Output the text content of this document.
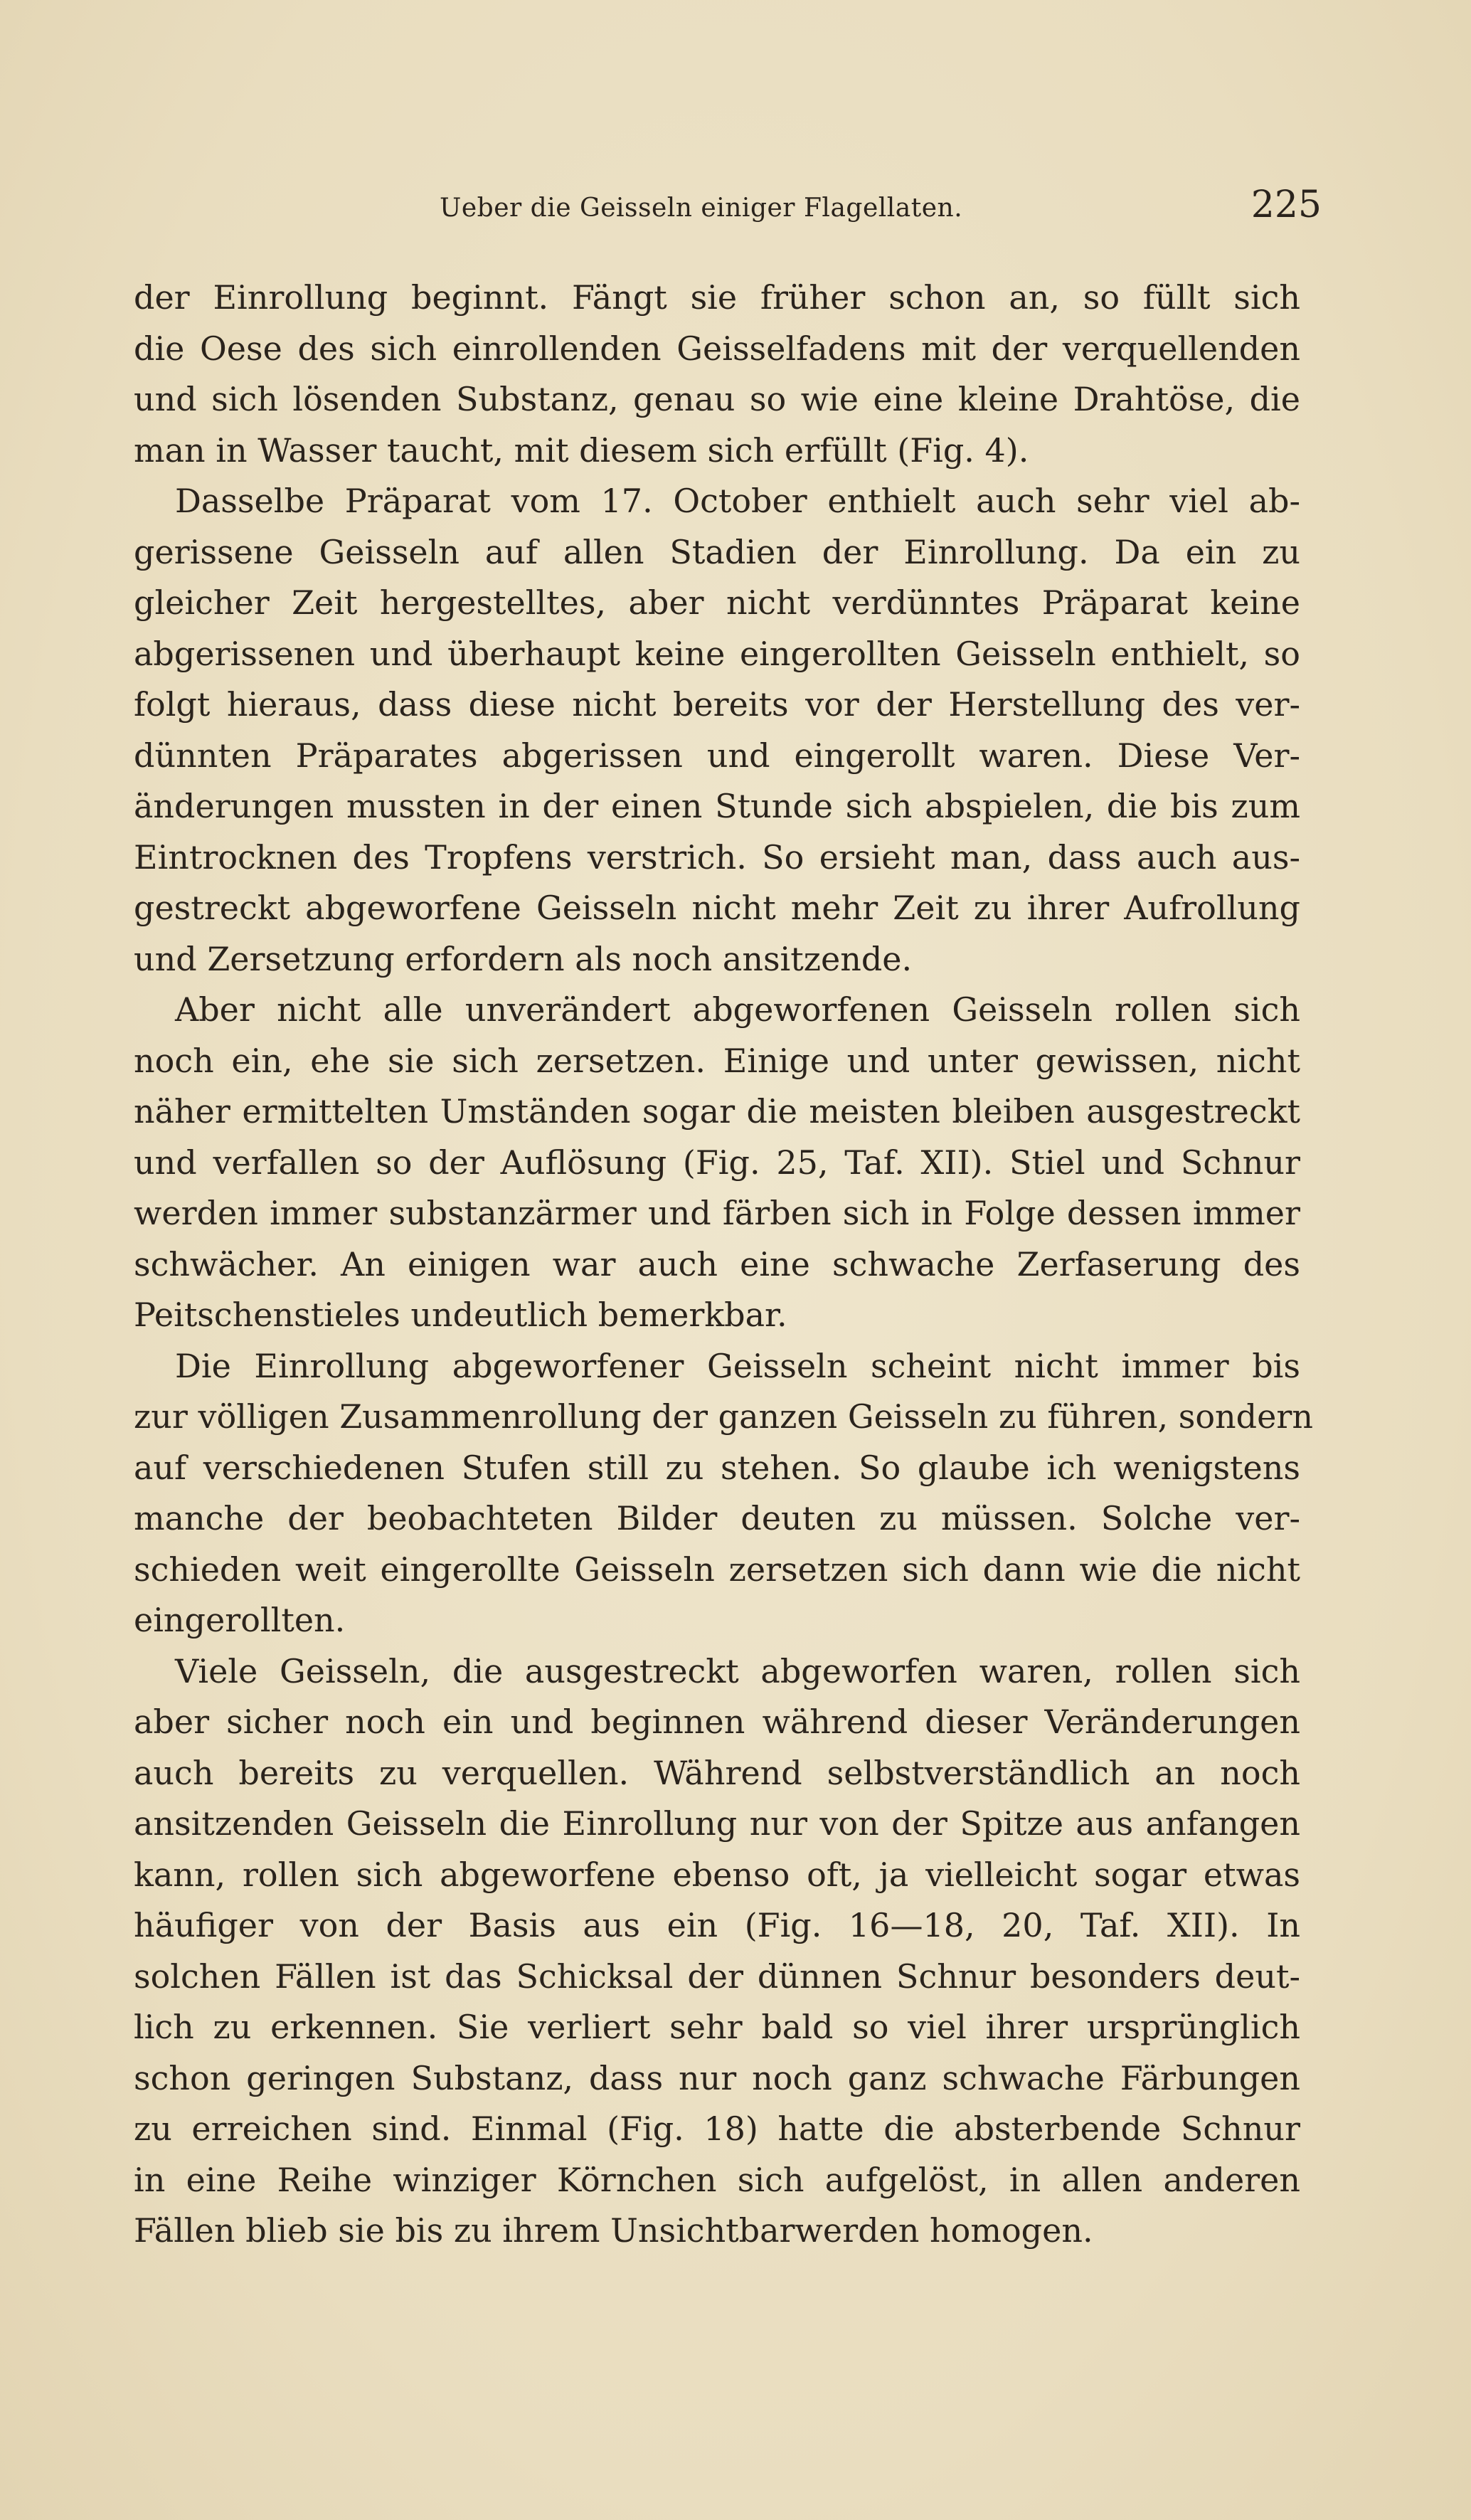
Ueber die Geisseln einiger Flagellaten.	225
der Einrollung beginnt. Fängt sie früher schon an, so füllt sich
die Oese des sich einrollenden Geisselfadens mit der verquellenden
und sich lösenden Substanz, genau so wie eine kleine Drahtöse, die
man in Wasser taucht, mit diesem sich erfüllt (Fig. 4).
Dasselbe Präparat vom 17. October enthielt auch sehr viel ab-
gerissene Geisseln auf allen Stadien der Einrollung. Da ein zu
gleicher Zeit hergestelltes, aber nicht verdünntes Präparat keine
abgerissenen und überhaupt keine eingerollten Geisseln enthielt, so
folgt hieraus, dass diese nicht bereits vor der Herstellung des ver-
dünnten Präparates abgerissen und eingerollt waren. Diese Ver-
änderungen mussten in der einen Stunde sich abspielen, die bis zum
Eintrocknen des Tropfens verstrich. So ersieht man, dass auch aus-
gestreckt abgeworfene Geisseln nicht mehr Zeit zu ihrer Aufrollung
und Zersetzung erfordern als noch ansitzende.
Aber nicht alle unverändert abgeworfenen Geisseln rollen sich
noch ein, ehe sie sich zersetzen. Einige und unter gewissen, nicht
näher ermittelten Umständen sogar die meisten bleiben ausgestreckt
und verfallen so der Auflösung (Fig. 25, Taf. XII). Stiel und Schnur
werden immer substanzärmer und färben sich in Folge dessen immer
schwächer. An einigen war auch eine schwache Zerfaserung des
Peitschenstieles undeutlich bemerkbar.
Die Einrollung abgeworfener Geisseln scheint nicht immer bis
zur völligen Zusammenrollung der ganzen Geisseln zu führen, sondern
auf verschiedenen Stufen still zu stehen. So glaube ich wenigstens
manche der beobachteten Bilder deuten zu müssen. Solche ver-
schieden weit eingerollte Geisseln zersetzen sich dann wie die nicht
eingerollten.
Viele Geisseln, die ausgestreckt abgeworfen waren, rollen sich
aber sicher noch ein und beginnen während dieser Veränderungen
auch bereits zu verquellen. Während selbstverständlich an noch
ansitzenden Geisseln die Einrollung nur von der Spitze aus anfangen
kann, rollen sich abgeworfene ebenso oft, ja vielleicht sogar etwas
häufiger von der Basis aus ein (Fig. 16—18, 20, Taf. XII). In
solchen Fällen ist das Schicksal der dünnen Schnur besonders deut-
lich zu erkennen. Sie verliert sehr bald so viel ihrer ursprünglich
schon geringen Substanz, dass nur noch ganz schwache Färbungen
zu erreichen sind. Einmal (Fig. 18) hatte die absterbende Schnur
in eine Reihe winziger Körnchen sich aufgelöst, in allen anderen
Fällen blieb sie bis zu ihrem Unsichtbarwerden homogen.
